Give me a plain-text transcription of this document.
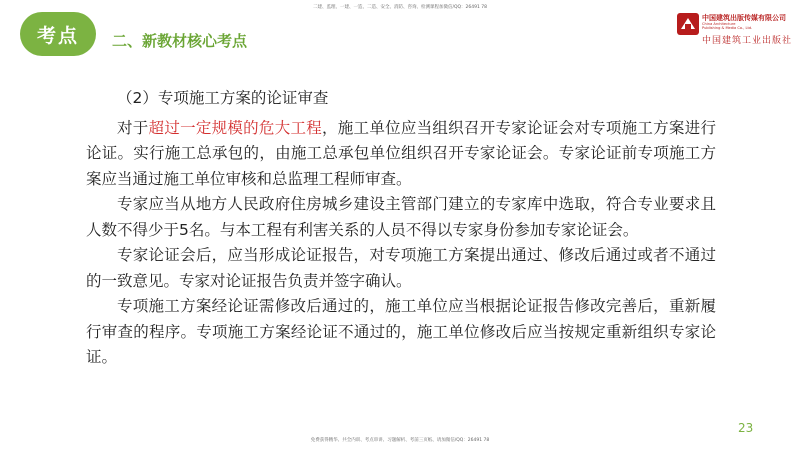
二建、监理、一建、一造、二造、安全、消防、咨询、检测课程加微信/QQ：26491 78
考点	二、新教材核心考点
中国建筑出版传媒有限公司
China Architecture
Publishing & Media Co., Ltd.
中国建筑工业出版社

（2）专项施工方案的论证审查

对于超过一定规模的危大工程，施工单位应当组织召开专家论证会对专项施工方案进行论证。实行施工总承包的，由施工总承包单位组织召开专家论证会。专家论证前专项施工方案应当通过施工单位审核和总监理工程师审查。

专家应当从地方人民政府住房城乡建设主管部门建立的专家库中选取，符合专业要求且人数不得少于5名。与本工程有利害关系的人员不得以专家身份参加专家论证会。

专家论证会后，应当形成论证报告，对专项施工方案提出通过、修改后通过或者不通过的一致意见。专家对论证报告负责并签字确认。

专项施工方案经论证需修改后通过的，施工单位应当根据论证报告修改完善后，重新履行审查的程序。专项施工方案经论证不通过的，施工单位修改后应当按规定重新组织专家论证。

23
免费获得精华、共全内训、考点串讲、习题解析、考前三页纸、请加微信/QQ：26491 78
